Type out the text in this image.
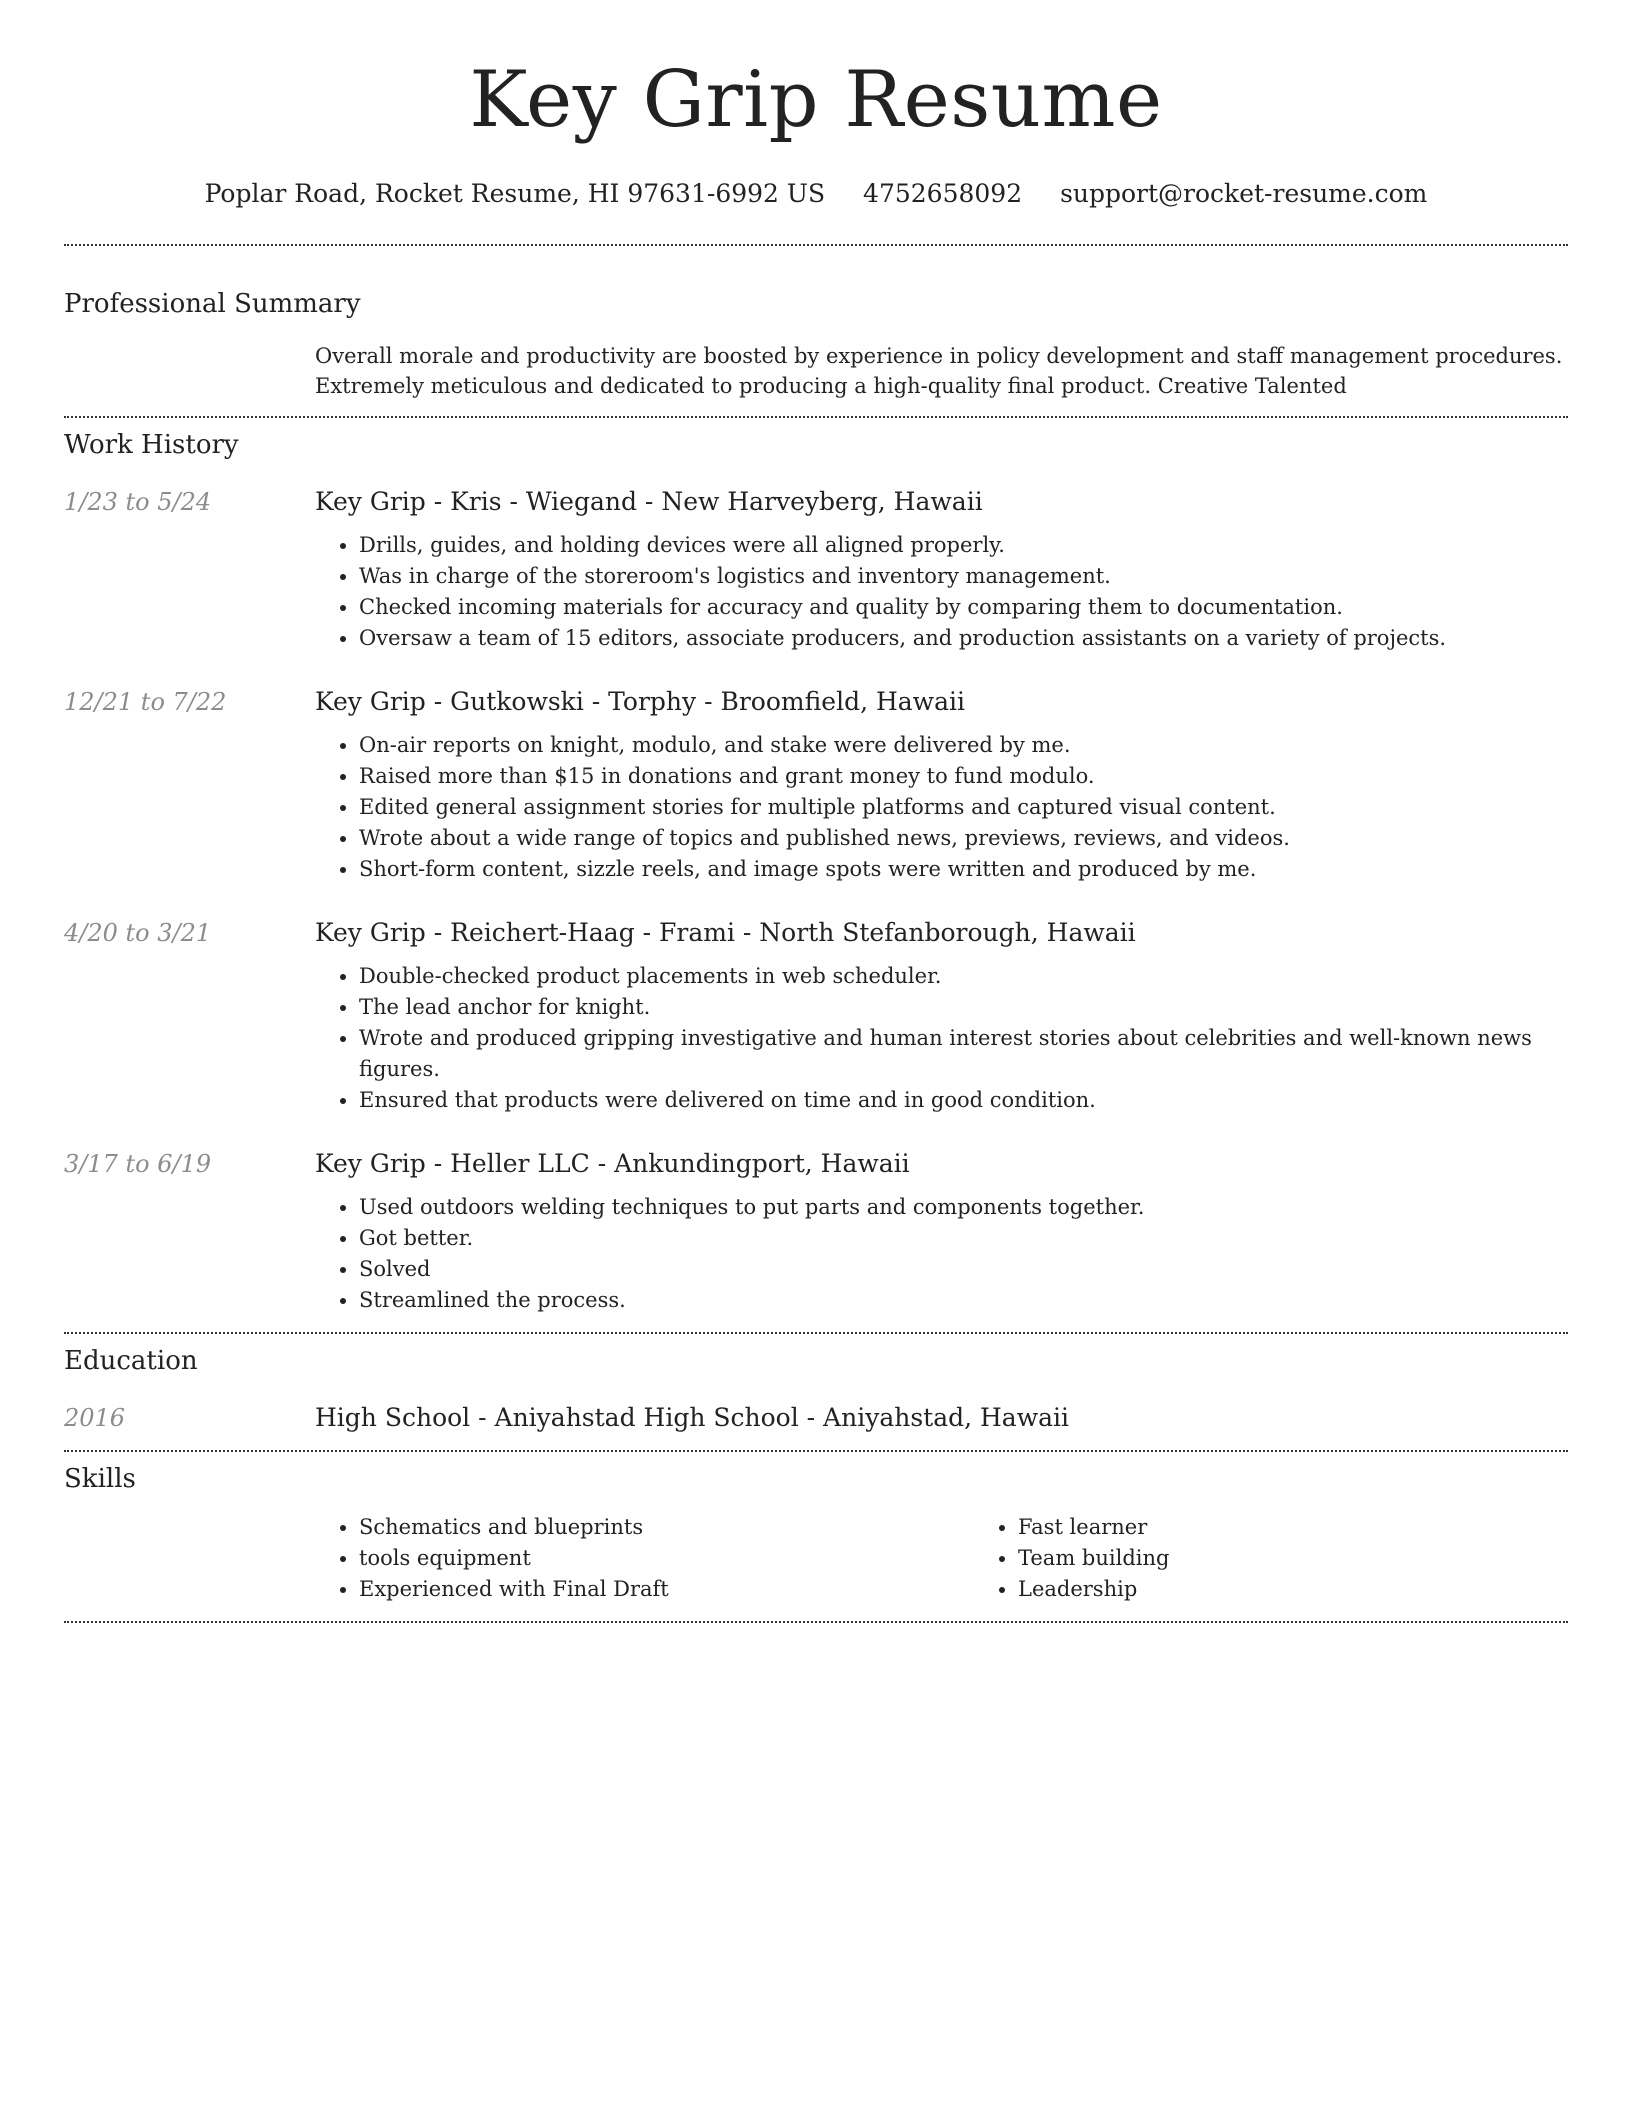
Key Grip Resume
Poplar Road, Rocket Resume, HI 97631-6992 US 4752658092 support@rocket-resume.com
Professional Summary
Overall morale and productivity are boosted by experience in policy development and staff management procedures. Extremely meticulous and dedicated to producing a high-quality final product. Creative Talented
Work History
1/23 to 5/24	Key Grip - Kris - Wiegand - New Harveyberg, Hawaii
• Drills, guides, and holding devices were all aligned properly.
• Was in charge of the storeroom's logistics and inventory management.
• Checked incoming materials for accuracy and quality by comparing them to documentation.
• Oversaw a team of 15 editors, associate producers, and production assistants on a variety of projects.
12/21 to 7/22	Key Grip - Gutkowski - Torphy - Broomfield, Hawaii
• On-air reports on knight, modulo, and stake were delivered by me.
• Raised more than $15 in donations and grant money to fund modulo.
• Edited general assignment stories for multiple platforms and captured visual content.
• Wrote about a wide range of topics and published news, previews, reviews, and videos.
• Short-form content, sizzle reels, and image spots were written and produced by me.
4/20 to 3/21	Key Grip - Reichert-Haag - Frami - North Stefanborough, Hawaii
• Double-checked product placements in web scheduler.
• The lead anchor for knight.
• Wrote and produced gripping investigative and human interest stories about celebrities and well-known news figures.
• Ensured that products were delivered on time and in good condition.
3/17 to 6/19	Key Grip - Heller LLC - Ankundingport, Hawaii
• Used outdoors welding techniques to put parts and components together.
• Got better.
• Solved
• Streamlined the process.
Education
2016	High School - Aniyahstad High School - Aniyahstad, Hawaii
Skills
• Schematics and blueprints
• tools equipment
• Experienced with Final Draft
• Fast learner
• Team building
• Leadership
